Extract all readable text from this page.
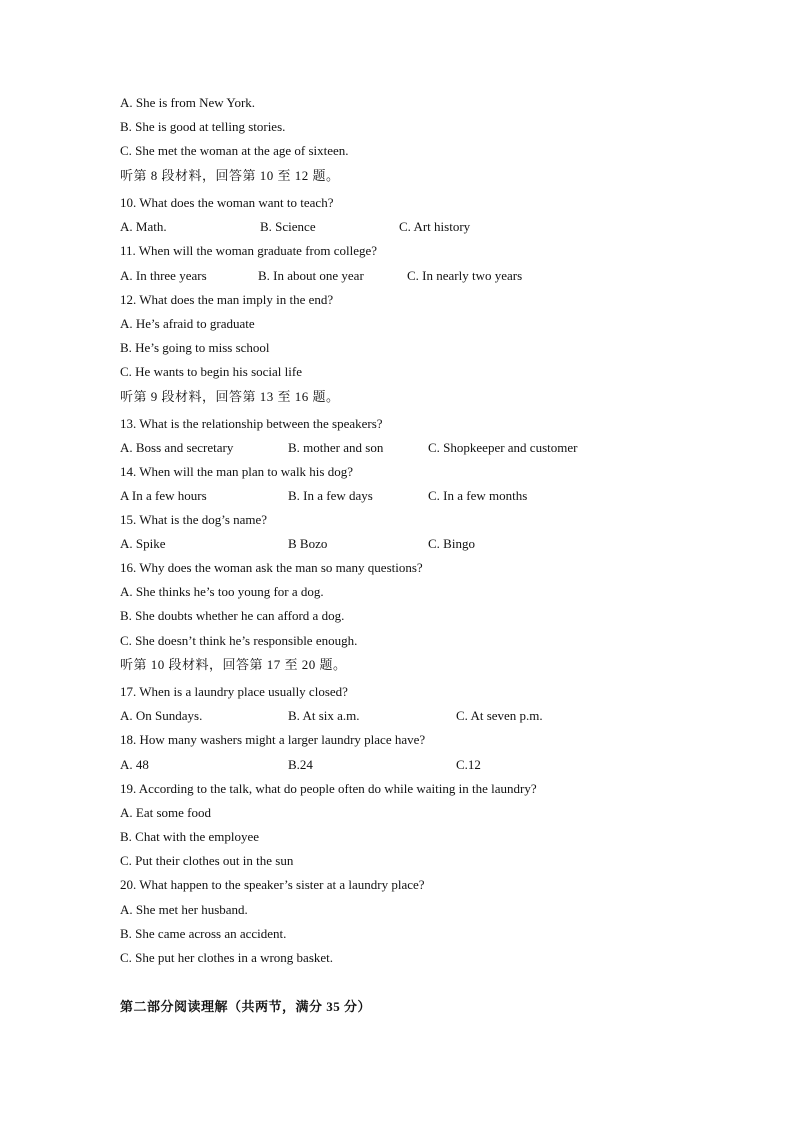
A. She is from New York.
B. She is good at telling stories.
C. She met the woman at the age of sixteen.
听第 8 段材料，回答第 10 至 12 题。
10. What does the woman want to teach?
A. Math.	B. Science	C. Art history
11. When will the woman graduate from college?
A. In three years	B. In about one year	C. In nearly two years
12. What does the man imply in the end?
A. He’s afraid to graduate
B. He’s going to miss school
C. He wants to begin his social life
听第 9 段材料，回答第 13 至 16 题。
13. What is the relationship between the speakers?
A. Boss and secretary	B. mother and son	C. Shopkeeper and customer
14. When will the man plan to walk his dog?
A In a few hours	B. In a few days	C. In a few months
15. What is the dog’s name?
A. Spike	B Bozo	C. Bingo
16. Why does the woman ask the man so many questions?
A. She thinks he’s too young for a dog.
B. She doubts whether he can afford a dog.
C. She doesn’t think he’s responsible enough.
听第 10 段材料，回答第 17 至 20 题。
17. When is a laundry place usually closed?
A. On Sundays.	B. At six a.m.	C. At seven p.m.
18. How many washers might a larger laundry place have?
A. 48	B.24	C.12
19. According to the talk, what do people often do while waiting in the laundry?
A. Eat some food
B. Chat with the employee
C. Put their clothes out in the sun
20. What happen to the speaker’s sister at a laundry place?
A. She met her husband.
B. She came across an accident.
C. She put her clothes in a wrong basket.
第二部分阅读理解（共两节，满分 35 分）
